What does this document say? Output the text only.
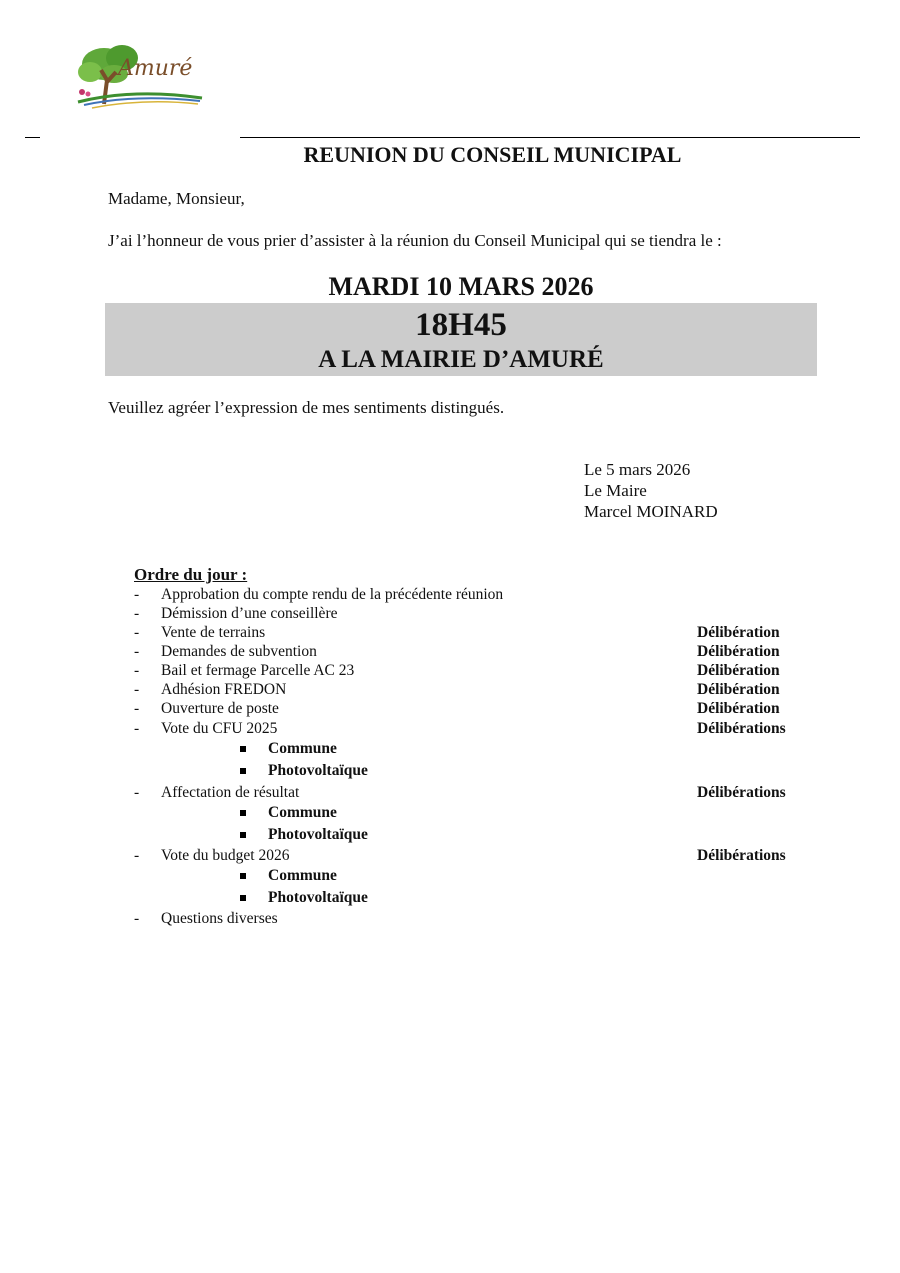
Amuré
REUNION DU CONSEIL MUNICIPAL
Madame, Monsieur,
J’ai l’honneur de vous prier d’assister à la réunion du Conseil Municipal qui se tiendra le :
MARDI 10 MARS 2026
18H45
A LA MAIRIE D’AMURÉ
Veuillez agréer l’expression de mes sentiments distingués.
Le 5 mars 2026
Le Maire
Marcel MOINARD
Ordre du jour :
- Approbation du compte rendu de la précédente réunion
- Démission d’une conseillère
- Vente de terrains	Délibération
- Demandes de subvention	Délibération
- Bail et fermage Parcelle AC 23	Délibération
- Adhésion FREDON	Délibération
- Ouverture de poste	Délibération
- Vote du CFU 2025	Délibérations
Commune
Photovoltaïque
- Affectation de résultat	Délibérations
Commune
Photovoltaïque
- Vote du budget 2026	Délibérations
Commune
Photovoltaïque
- Questions diverses
